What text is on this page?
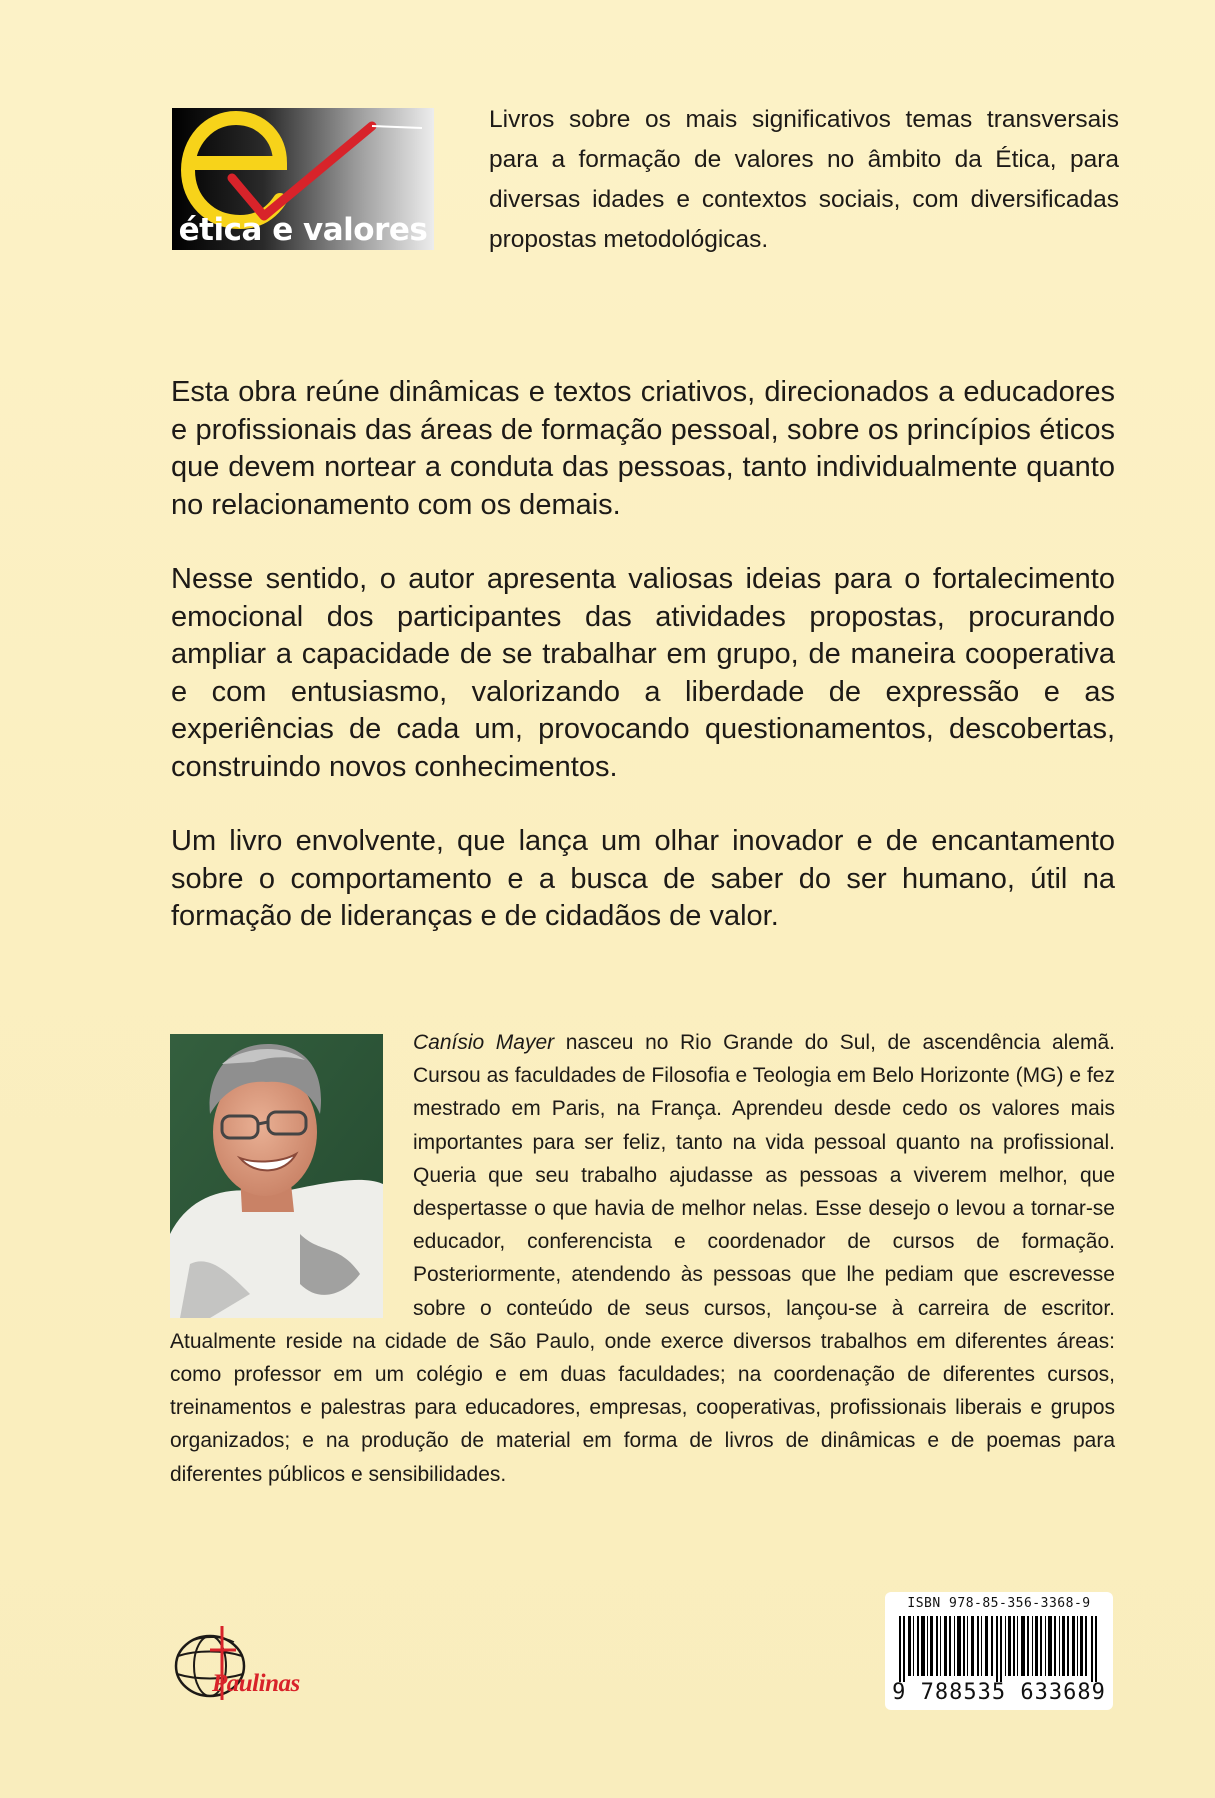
ética e valores

Livros sobre os mais significativos temas transversais para a formação de valores no âmbito da Ética, para diversas idades e contextos sociais, com diversificadas propostas metodológicas.

Esta obra reúne dinâmicas e textos criativos, direcionados a educadores e profissionais das áreas de formação pessoal, sobre os princípios éticos que devem nortear a conduta das pessoas, tanto individualmente quanto no relacionamento com os demais.

Nesse sentido, o autor apresenta valiosas ideias para o fortalecimento emocional dos participantes das atividades propostas, procurando ampliar a capacidade de se trabalhar em grupo, de maneira cooperativa e com entusiasmo, valorizando a liberdade de expressão e as experiências de cada um, provocando questionamentos, descobertas, construindo novos conhecimentos.

Um livro envolvente, que lança um olhar inovador e de encantamento sobre o comportamento e a busca de saber do ser humano, útil na formação de lideranças e de cidadãos de valor.

Canísio Mayer nasceu no Rio Grande do Sul, de ascendência alemã. Cursou as faculdades de Filosofia e Teologia em Belo Horizonte (MG) e fez mestrado em Paris, na França. Aprendeu desde cedo os valores mais importantes para ser feliz, tanto na vida pessoal quanto na profissional. Queria que seu trabalho ajudasse as pessoas a viverem melhor, que despertasse o que havia de melhor nelas. Esse desejo o levou a tornar-se educador, conferencista e coordenador de cursos de formação. Posteriormente, atendendo às pessoas que lhe pediam que escrevesse sobre o conteúdo de seus cursos, lançou-se à carreira de escritor. Atualmente reside na cidade de São Paulo, onde exerce diversos trabalhos em diferentes áreas: como professor em um colégio e em duas faculdades; na coordenação de diferentes cursos, treinamentos e palestras para educadores, empresas, cooperativas, profissionais liberais e grupos organizados; e na produção de material em forma de livros de dinâmicas e de poemas para diferentes públicos e sensibilidades.

ISBN 978-85-356-3368-9
9 788535 633689
Paulinas
